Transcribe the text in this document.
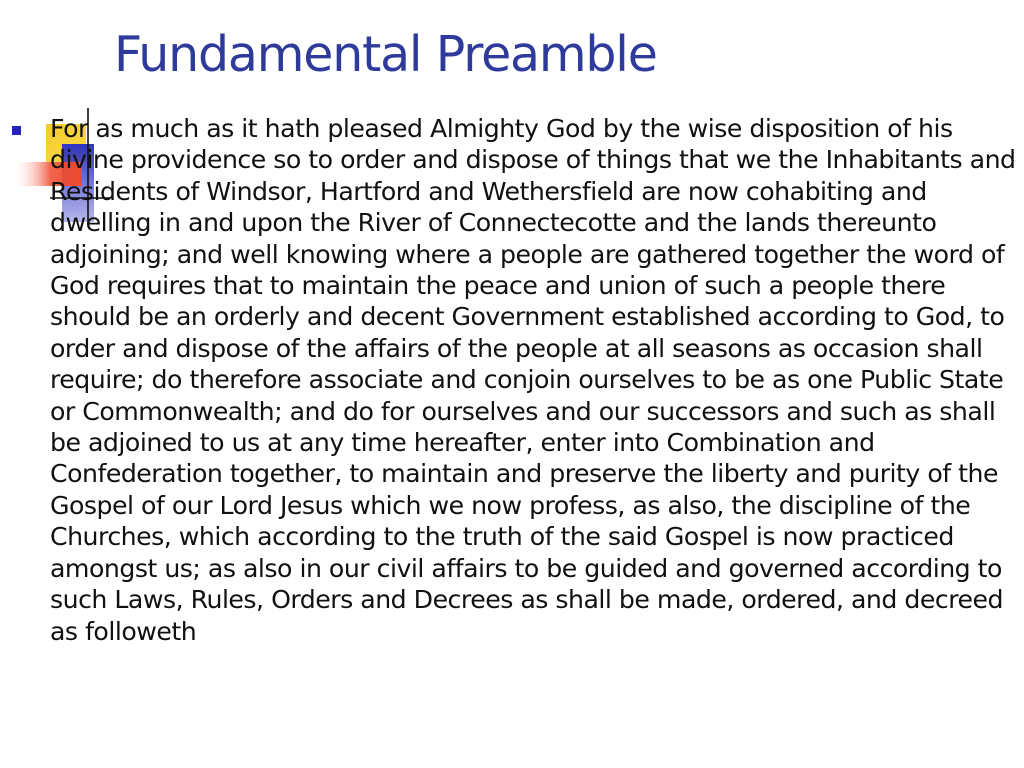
Fundamental Preamble

For as much as it hath pleased Almighty God by the wise disposition of his divine providence so to order and dispose of things that we the Inhabitants and Residents of Windsor, Hartford and Wethersfield are now cohabiting and dwelling in and upon the River of Connectecotte and the lands thereunto adjoining; and well knowing where a people are gathered together the word of God requires that to maintain the peace and union of such a people there should be an orderly and decent Government established according to God, to order and dispose of the affairs of the people at all seasons as occasion shall require; do therefore associate and conjoin ourselves to be as one Public State or Commonwealth; and do for ourselves and our successors and such as shall be adjoined to us at any time hereafter, enter into Combination and Confederation together, to maintain and preserve the liberty and purity of the Gospel of our Lord Jesus which we now profess, as also, the discipline of the Churches, which according to the truth of the said Gospel is now practiced amongst us; as also in our civil affairs to be guided and governed according to such Laws, Rules, Orders and Decrees as shall be made, ordered, and decreed as followeth
